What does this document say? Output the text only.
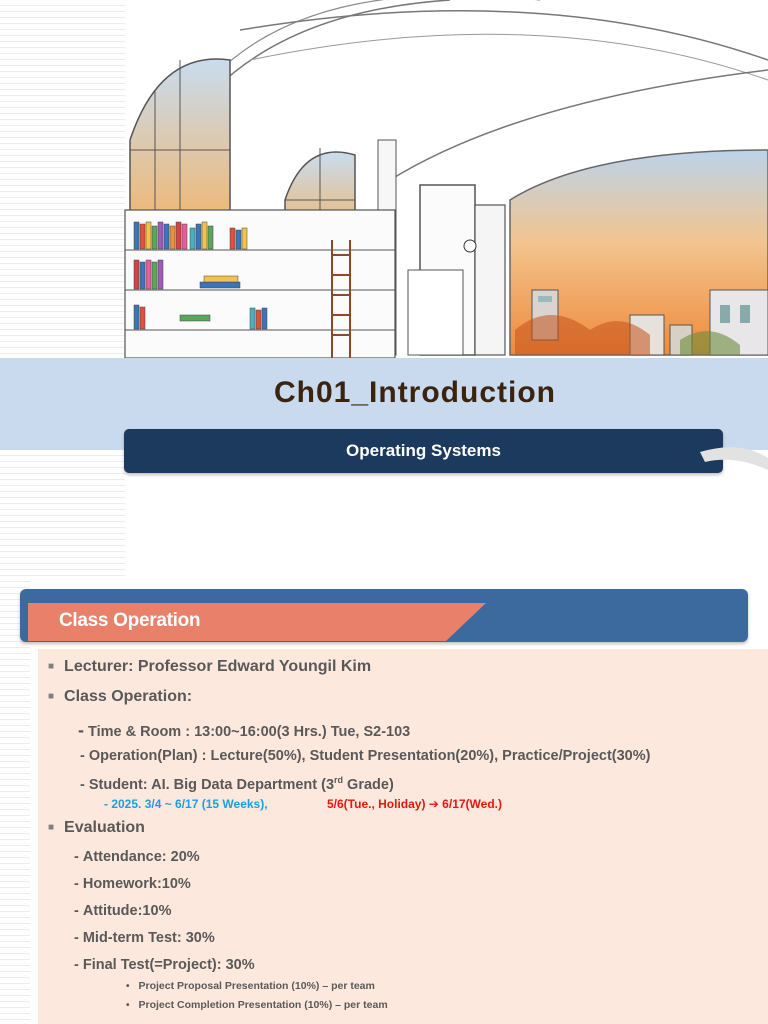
Ch01_Introduction
Operating Systems
Class Operation
■ Lecturer: Professor Edward Youngil Kim
■ Class Operation:
- Time & Room : 13:00~16:00(3 Hrs.) Tue, S2-103
- Operation(Plan) : Lecture(50%), Student Presentation(20%), Practice/Project(30%)
- Student: AI. Big Data Department (3rd Grade)
- 2025. 3/4 ~ 6/17 (15 Weeks),	5/6(Tue., Holiday) ➔ 6/17(Wed.)
■ Evaluation
- Attendance: 20%
- Homework:10%
- Attitude:10%
- Mid-term Test: 30%
- Final Test(=Project): 30%
• Project Proposal Presentation (10%) – per team
• Project Completion Presentation (10%) – per team
